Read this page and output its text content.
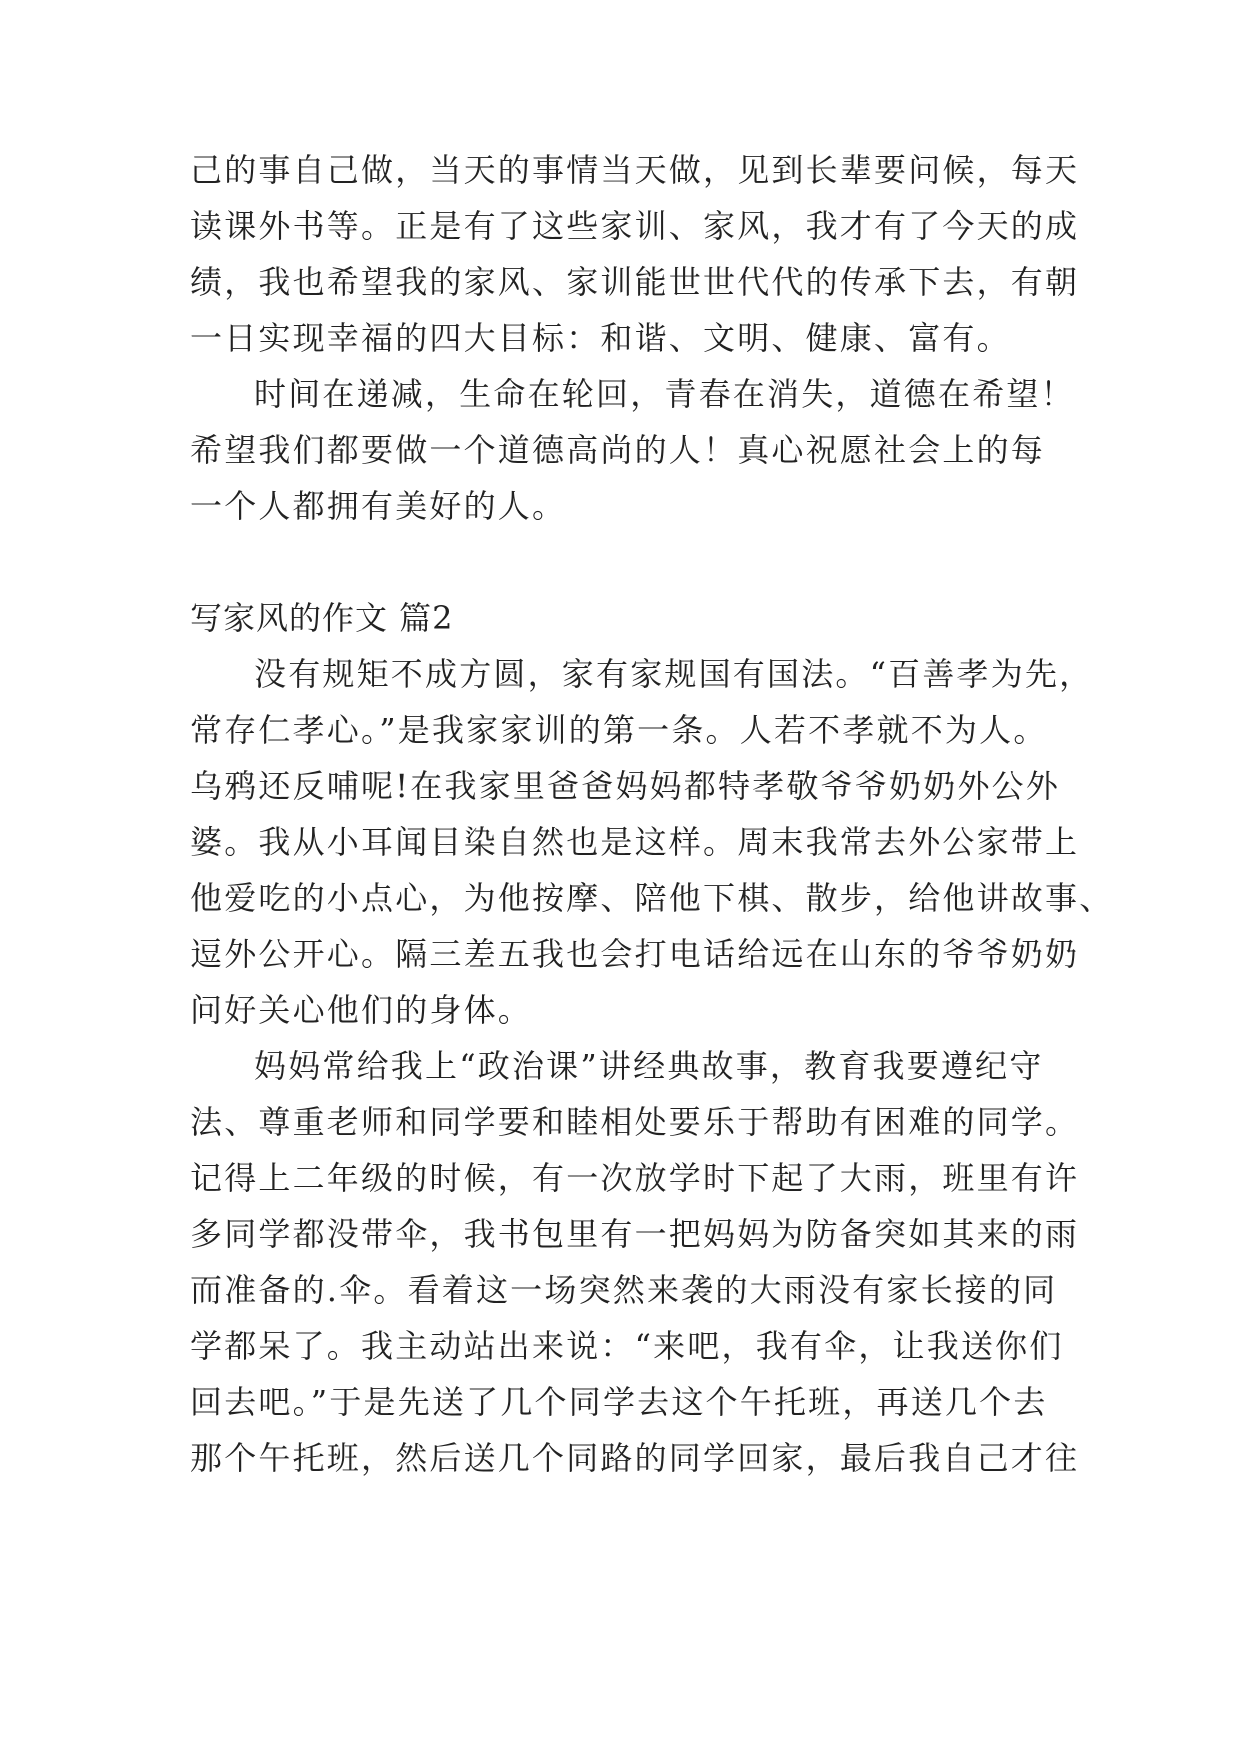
己的事自己做，当天的事情当天做，见到长辈要问候，每天
读课外书等。正是有了这些家训、家风，我才有了今天的成
绩，我也希望我的家风、家训能世世代代的传承下去，有朝
一日实现幸福的四大目标：和谐、文明、健康、富有。
时间在递减，生命在轮回，青春在消失，道德在希望！
希望我们都要做一个道德高尚的人！真心祝愿社会上的每
一个人都拥有美好的人。
写家风的作文 篇2
没有规矩不成方圆，家有家规国有国法。“百善孝为先，
常存仁孝心。”是我家家训的第一条。人若不孝就不为人。
乌鸦还反哺呢!在我家里爸爸妈妈都特孝敬爷爷奶奶外公外
婆。我从小耳闻目染自然也是这样。周末我常去外公家带上
他爱吃的小点心，为他按摩、陪他下棋、散步，给他讲故事、
逗外公开心。隔三差五我也会打电话给远在山东的爷爷奶奶
问好关心他们的身体。
妈妈常给我上“政治课”讲经典故事，教育我要遵纪守
法、尊重老师和同学要和睦相处要乐于帮助有困难的同学。
记得上二年级的时候，有一次放学时下起了大雨，班里有许
多同学都没带伞，我书包里有一把妈妈为防备突如其来的雨
而准备的.伞。看着这一场突然来袭的大雨没有家长接的同
学都呆了。我主动站出来说：“来吧，我有伞，让我送你们
回去吧。”于是先送了几个同学去这个午托班，再送几个去
那个午托班，然后送几个同路的同学回家，最后我自己才往
